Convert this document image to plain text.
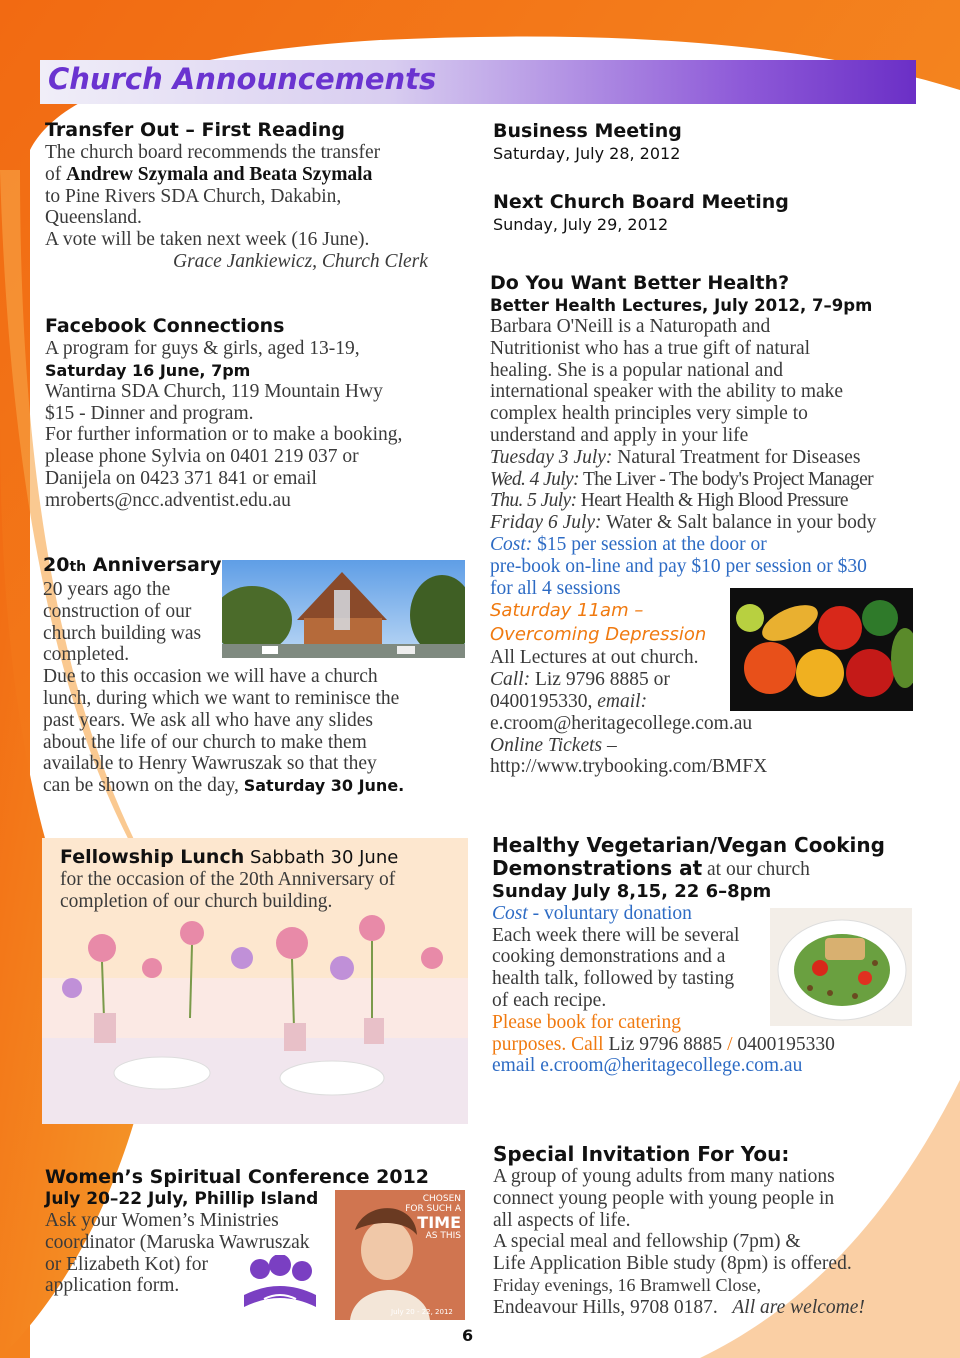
Church Announcements
Transfer Out – First Reading
The church board recommends the transfer
of Andrew Szymala and Beata Szymala
to Pine Rivers SDA Church, Dakabin,
Queensland.
A vote will be taken next week (16 June).
Grace Jankiewicz, Church Clerk
Facebook Connections
A program for guys & girls, aged 13-19,
Saturday 16 June, 7pm
Wantirna SDA Church, 119 Mountain Hwy
$15 - Dinner and program.
For further information or to make a booking,
please phone Sylvia on 0401 219 037 or
Danijela on 0423 371 841 or email
mroberts@ncc.adventist.edu.au
20th Anniversary
20 years ago the
construction of our
church building was
completed.
Due to this occasion we will have a church
lunch, during which we want to reminisce the
past years. We ask all who have any slides
about the life of our church to make them
available to Henry Wawruszak so that they
can be shown on the day, Saturday 30 June.
Fellowship Lunch Sabbath 30 June
for the occasion of the 20th Anniversary of
completion of our church building.
Women’s Spiritual Conference 2012
July 20–22 July, Phillip Island
Ask your Women’s Ministries
coordinator (Maruska Wawruszak
or Elizabeth Kot) for
application form.
CHOSEN
FOR SUCH A
TIME
AS THIS
July 20 - 22, 2012
Business Meeting
Saturday, July 28, 2012
Next Church Board Meeting
Sunday, July 29, 2012
Do You Want Better Health?
Better Health Lectures, July 2012, 7–9pm
Barbara O'Neill is a Naturopath and
Nutritionist who has a true gift of natural
healing. She is a popular national and
international speaker with the ability to make
complex health principles very simple to
understand and apply in your life
Tuesday 3 July: Natural Treatment for Diseases
Wed. 4 July: The Liver - The body's Project Manager
Thu. 5 July: Heart Health & High Blood Pressure
Friday 6 July: Water & Salt balance in your body
Cost: $15 per session at the door or
pre-book on-line and pay $10 per session or $30
for all 4 sessions
Saturday 11am –
Overcoming Depression
All Lectures at out church.
Call: Liz 9796 8885 or
0400195330, email:
e.croom@heritagecollege.com.au
Online Tickets –
http://www.trybooking.com/BMFX
Healthy Vegetarian/Vegan Cooking
Demonstrations at at our church
Sunday July 8,15, 22 6–8pm
Cost - voluntary donation
Each week there will be several
cooking demonstrations and a
health talk, followed by tasting
of each recipe.
Please book for catering
purposes. Call Liz 9796 8885 / 0400195330
email e.croom@heritagecollege.com.au
Special Invitation For You:
A group of young adults from many nations
connect young people with young people in
all aspects of life.
A special meal and fellowship (7pm) &
Life Application Bible study (8pm) is offered.
Friday evenings, 16 Bramwell Close,
Endeavour Hills, 9708 0187. All are welcome!
6
